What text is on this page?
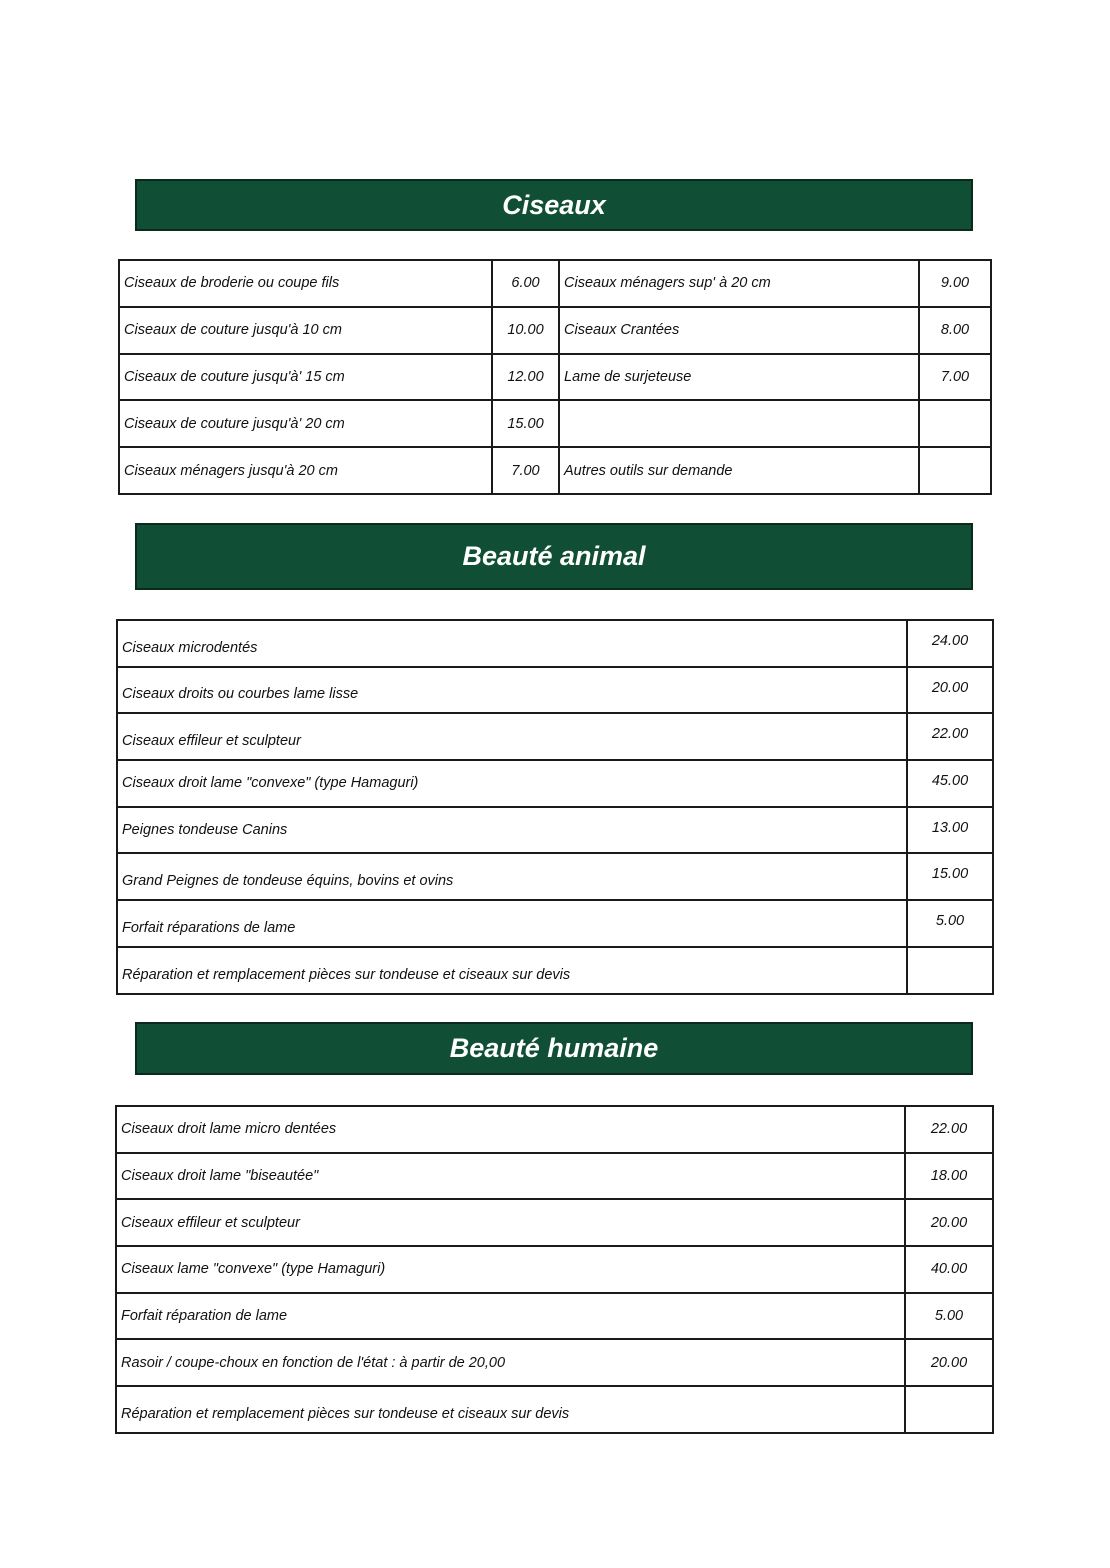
Ciseaux
Ciseaux de broderie ou coupe fils	6.00	Ciseaux ménagers sup' à 20 cm	9.00
Ciseaux de couture jusqu'à 10 cm	10.00	Ciseaux Crantées	8.00
Ciseaux de couture jusqu'à' 15 cm	12.00	Lame de surjeteuse	7.00
Ciseaux de couture jusqu'à' 20 cm	15.00		
Ciseaux ménagers jusqu'à 20 cm	7.00	Autres outils sur demande	
Beauté animal
Ciseaux microdentés	24.00
Ciseaux droits ou courbes lame lisse	20.00
Ciseaux effileur et sculpteur	22.00
Ciseaux droit lame "convexe" (type Hamaguri)	45.00
Peignes tondeuse Canins	13.00
Grand Peignes de tondeuse équins, bovins et ovins	15.00
Forfait réparations de lame	5.00
Réparation et remplacement pièces sur tondeuse et ciseaux sur devis	
Beauté humaine
Ciseaux droit lame micro dentées	22.00
Ciseaux droit lame "biseautée"	18.00
Ciseaux effileur et sculpteur	20.00
Ciseaux lame "convexe" (type Hamaguri)	40.00
Forfait réparation de lame	5.00
Rasoir / coupe-choux en fonction de l'état : à partir de 20,00	20.00
Réparation et remplacement pièces sur tondeuse et ciseaux sur devis	
